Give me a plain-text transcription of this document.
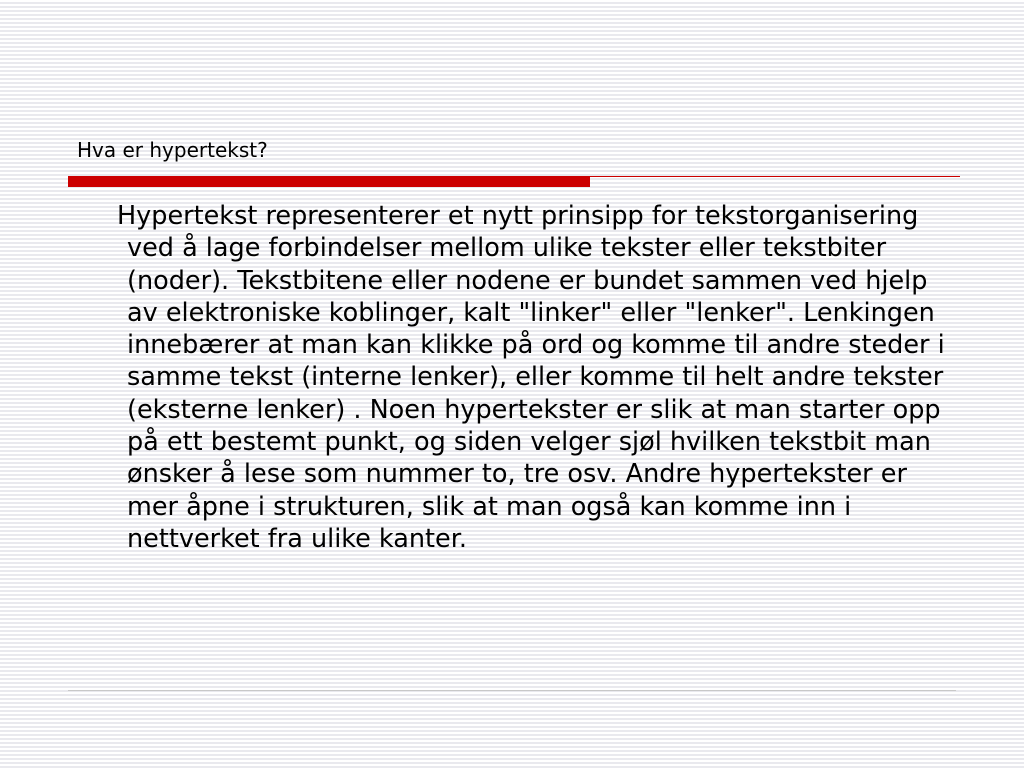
Hva er hypertekst?

Hypertekst representerer et nytt prinsipp for tekstorganisering ved å lage forbindelser mellom ulike tekster eller tekstbiter (noder). Tekstbitene eller nodene er bundet sammen ved hjelp av elektroniske koblinger, kalt "linker" eller "lenker". Lenkingen innebærer at man kan klikke på ord og komme til andre steder i samme tekst (interne lenker), eller komme til helt andre tekster (eksterne lenker) . Noen hypertekster er slik at man starter opp på ett bestemt punkt, og siden velger sjøl hvilken tekstbit man ønsker å lese som nummer to, tre osv. Andre hypertekster er mer åpne i strukturen, slik at man også kan komme inn i nettverket fra ulike kanter.
